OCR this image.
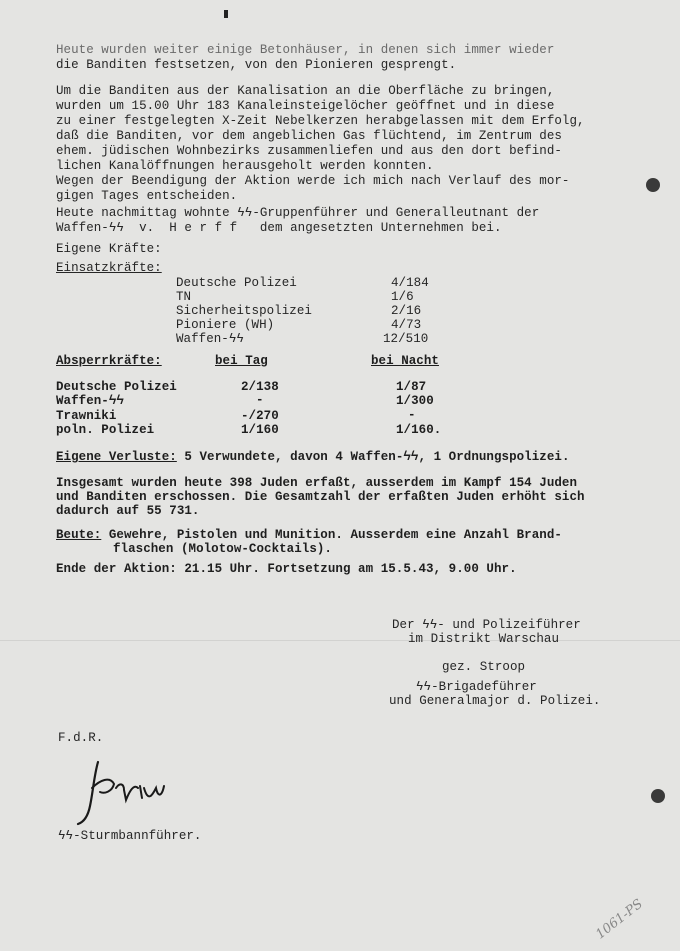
Heute wurden weiter einige Betonhäuser, in denen sich immer wieder
die Banditen festsetzen, von den Pionieren gesprengt.
Um die Banditen aus der Kanalisation an die Oberfläche zu bringen,
wurden um 15.00 Uhr 183 Kanaleinsteigelöcher geöffnet und in diese
zu einer festgelegten X-Zeit Nebelkerzen herabgelassen mit dem Erfolg,
daß die Banditen, vor dem angeblichen Gas flüchtend, im Zentrum des
ehem. jüdischen Wohnbezirks zusammenliefen und aus den dort befind-
lichen Kanalöffnungen herausgeholt werden konnten.
Wegen der Beendigung der Aktion werde ich mich nach Verlauf des mor-
gigen Tages entscheiden.
Heute nachmittag wohnte ϟϟ-Gruppenführer und Generalleutnant der
Waffen-ϟϟ  v.  H e r f f   dem angesetzten Unternehmen bei.
Eigene Kräfte:
Einsatzkräfte:
Deutsche Polizei	4/184
TN	1/6
Sicherheitspolizei	2/16
Pioniere (WH)	4/73
Waffen-ϟϟ	12/510
Absperrkräfte:	bei Tag	bei Nacht
Deutsche Polizei	2/138	1/87
Waffen-ϟϟ	-	1/300
Trawniki	-/270	-
poln. Polizei	1/160	1/160.
Eigene Verluste: 5 Verwundete, davon 4 Waffen-ϟϟ, 1 Ordnungspolizei.
Insgesamt wurden heute 398 Juden erfaßt, ausserdem im Kampf 154 Juden
und Banditen erschossen. Die Gesamtzahl der erfaßten Juden erhöht sich
dadurch auf 55 731.
Beute: Gewehre, Pistolen und Munition. Ausserdem eine Anzahl Brand-
flaschen (Molotow-Cocktails).
Ende der Aktion: 21.15 Uhr. Fortsetzung am 15.5.43, 9.00 Uhr.
Der ϟϟ- und Polizeiführer
im Distrikt Warschau
gez. Stroop
ϟϟ-Brigadeführer
und Generalmajor d. Polizei.
F.d.R.
ϟϟ-Sturmbannführer.
1061-PS
